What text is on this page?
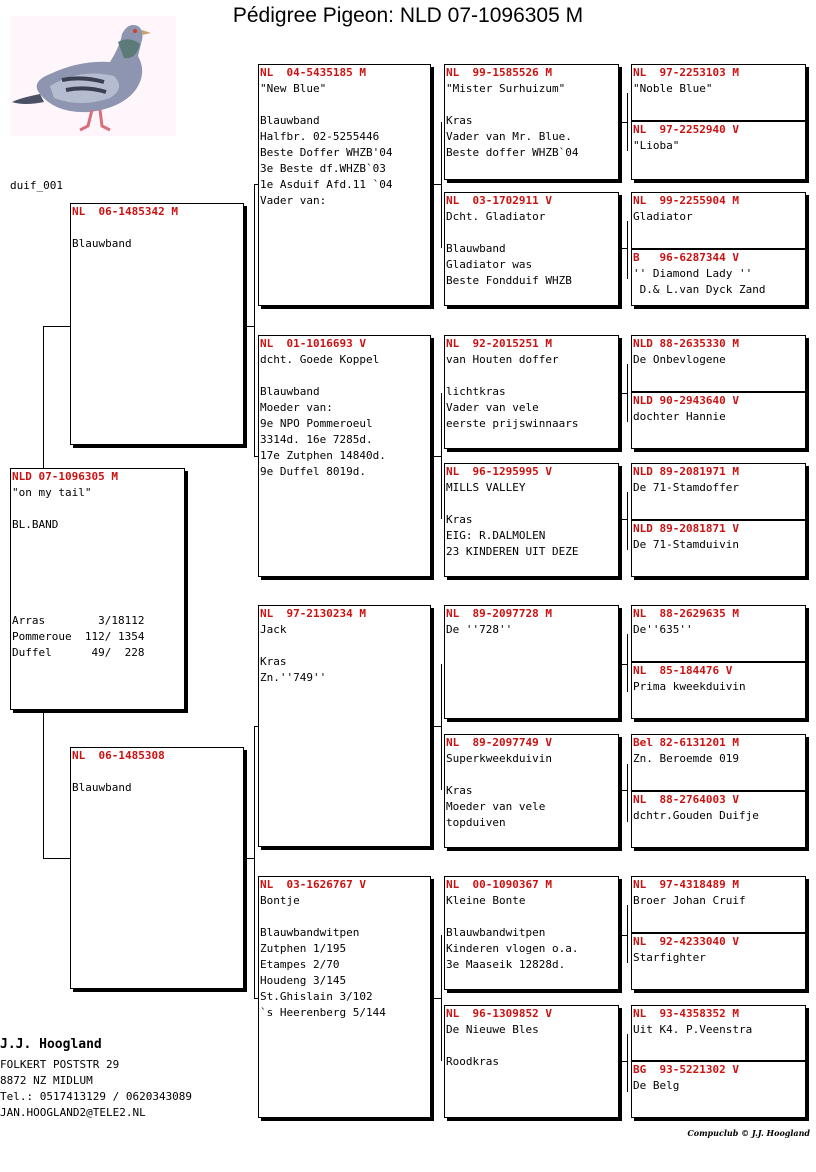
Pédigree Pigeon: NLD 07-1096305 M
duif_001
NLD 07-1096305 M
"on my tail"

BL.BAND

Arras        3/18112
Pommeroue  112/ 1354
Duffel      49/  228
NL  06-1485342 M

Blauwband
NL  06-1485308

Blauwband
NL  04-5435185 M
"New Blue"

Blauwband
Halfbr. 02-5255446
Beste Doffer WHZB'04
3e Beste df.WHZB`03
1e Asduif Afd.11 `04
Vader van:
NL  01-1016693 V
dcht. Goede Koppel

Blauwband
Moeder van:
9e NPO Pommeroeul
3314d. 16e 7285d.
17e Zutphen 14840d.
9e Duffel 8019d.
NL  97-2130234 M
Jack

Kras
Zn.''749''
NL  03-1626767 V
Bontje

Blauwbandwitpen
Zutphen 1/195
Etampes 2/70
Houdeng 3/145
St.Ghislain 3/102
`s Heerenberg 5/144
NL  99-1585526 M
"Mister Surhuizum"

Kras
Vader van Mr. Blue.
Beste doffer WHZB`04
NL  03-1702911 V
Dcht. Gladiator

Blauwband
Gladiator was
Beste Fondduif WHZB
NL  92-2015251 M
van Houten doffer

lichtkras
Vader van vele
eerste prijswinnaars
NL  96-1295995 V
MILLS VALLEY

Kras
EIG: R.DALMOLEN
23 KINDEREN UIT DEZE
NL  89-2097728 M
De ''728''
NL  89-2097749 V
Superkweekduivin

Kras
Moeder van vele
topduiven
NL  00-1090367 M
Kleine Bonte

Blauwbandwitpen
Kinderen vlogen o.a.
3e Maaseik 12828d.
NL  96-1309852 V
De Nieuwe Bles

Roodkras
NL  97-2253103 M
"Noble Blue"
NL  97-2252940 V
"Lioba"
NL  99-2255904 M
Gladiator
B   96-6287344 V
'' Diamond Lady ''
D.& L.van Dyck Zand
NLD 88-2635330 M
De Onbevlogene
NLD 90-2943640 V
dochter Hannie
NLD 89-2081971 M
De 71-Stamdoffer
NLD 89-2081871 V
De 71-Stamduivin
NL  88-2629635 M
De''635''
NL  85-184476 V
Prima kweekduivin
Bel 82-6131201 M
Zn. Beroemde 019
NL  88-2764003 V
dchtr.Gouden Duifje
NL  97-4318489 M
Broer Johan Cruif
NL  92-4233040 V
Starfighter
NL  93-4358352 M
Uit K4. P.Veenstra
BG  93-5221302 V
De Belg
J.J. Hoogland
FOLKERT POSTSTR 29
8872 NZ MIDLUM
Tel.: 0517413129 / 0620343089
JAN.HOOGLAND2@TELE2.NL
Compuclub © J.J. Hoogland
